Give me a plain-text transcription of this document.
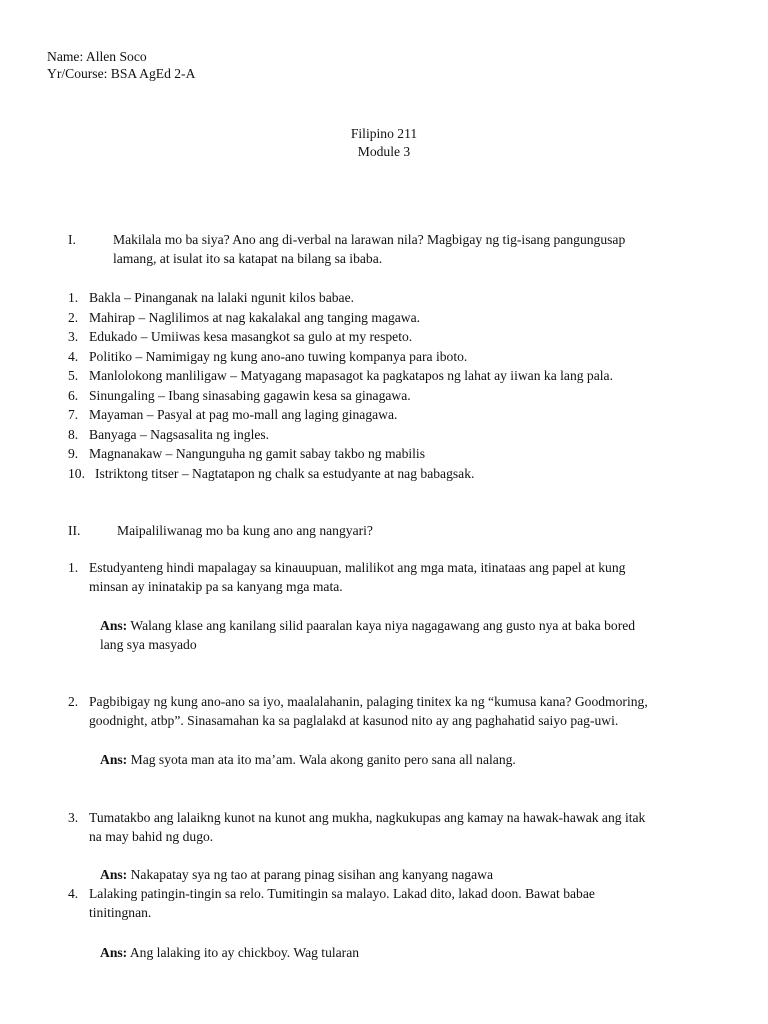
Name: Allen Soco
Yr/Course: BSA AgEd 2-A
Filipino 211
Module 3
I.	Makilala mo ba siya? Ano ang di-verbal na larawan nila? Magbigay ng tig-isang pangungusap
lamang, at isulat ito sa katapat na bilang sa ibaba.
1. Bakla – Pinanganak na lalaki ngunit kilos babae.
2. Mahirap – Naglilimos at nag kakalakal ang tanging magawa.
3. Edukado – Umiiwas kesa masangkot sa gulo at my respeto.
4. Politiko – Namimigay ng kung ano-ano tuwing kompanya para iboto.
5. Manlolokong manliligaw – Matyagang mapasagot ka pagkatapos ng lahat ay iiwan ka lang pala.
6. Sinungaling – Ibang sinasabing gagawin kesa sa ginagawa.
7. Mayaman – Pasyal at pag mo-mall ang laging ginagawa.
8. Banyaga – Nagsasalita ng ingles.
9. Magnanakaw – Nangunguha ng gamit sabay takbo ng mabilis
10. Istriktong titser – Nagtatapon ng chalk sa estudyante at nag babagsak.
II.	Maipaliliwanag mo ba kung ano ang nangyari?
1. Estudyanteng hindi mapalagay sa kinauupuan, malilikot ang mga mata, itinataas ang papel at kung
minsan ay ininatakip pa sa kanyang mga mata.
Ans: Walang klase ang kanilang silid paaralan kaya niya nagagawang ang gusto nya at baka bored
lang sya masyado
2. Pagbibigay ng kung ano-ano sa iyo, maalalahanin, palaging tinitex ka ng “kumusa kana? Goodmoring,
goodnight, atbp”. Sinasamahan ka sa paglalakd at kasunod nito ay ang paghahatid saiyo pag-uwi.
Ans: Mag syota man ata ito ma’am. Wala akong ganito pero sana all nalang.
3. Tumatakbo ang lalaikng kunot na kunot ang mukha, nagkukupas ang kamay na hawak-hawak ang itak
na may bahid ng dugo.
Ans: Nakapatay sya ng tao at parang pinag sisihan ang kanyang nagawa
4. Lalaking patingin-tingin sa relo. Tumitingin sa malayo. Lakad dito, lakad doon. Bawat babae
tinitingnan.
Ans: Ang lalaking ito ay chickboy. Wag tularan
